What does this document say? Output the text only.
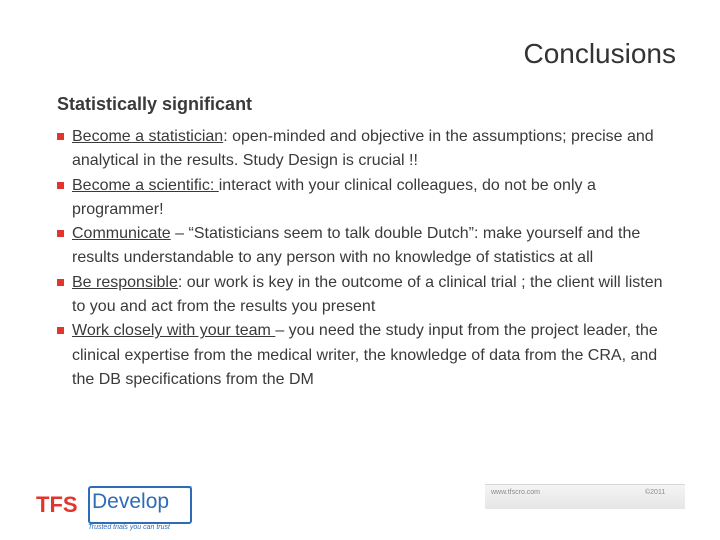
Conclusions
Statistically significant
Become a statistician: open-minded and objective in the assumptions; precise and analytical in the results. Study Design is crucial !!
Become a scientific: interact with your clinical colleagues, do not be only a programmer!
Communicate – “Statisticians seem to talk double Dutch”: make yourself and the results understandable to any person with no knowledge of statistics at all
Be responsible: our work is key in the outcome of a clinical trial ; the client will listen to you and act from the results you present
Work closely with your team – you need the study input from the project leader, the clinical expertise from the medical writer, the knowledge of data from the CRA, and the DB specifications from the DM
TFS Develop
™
Trusted trials you can trust
www.tfscro.com	©2011
